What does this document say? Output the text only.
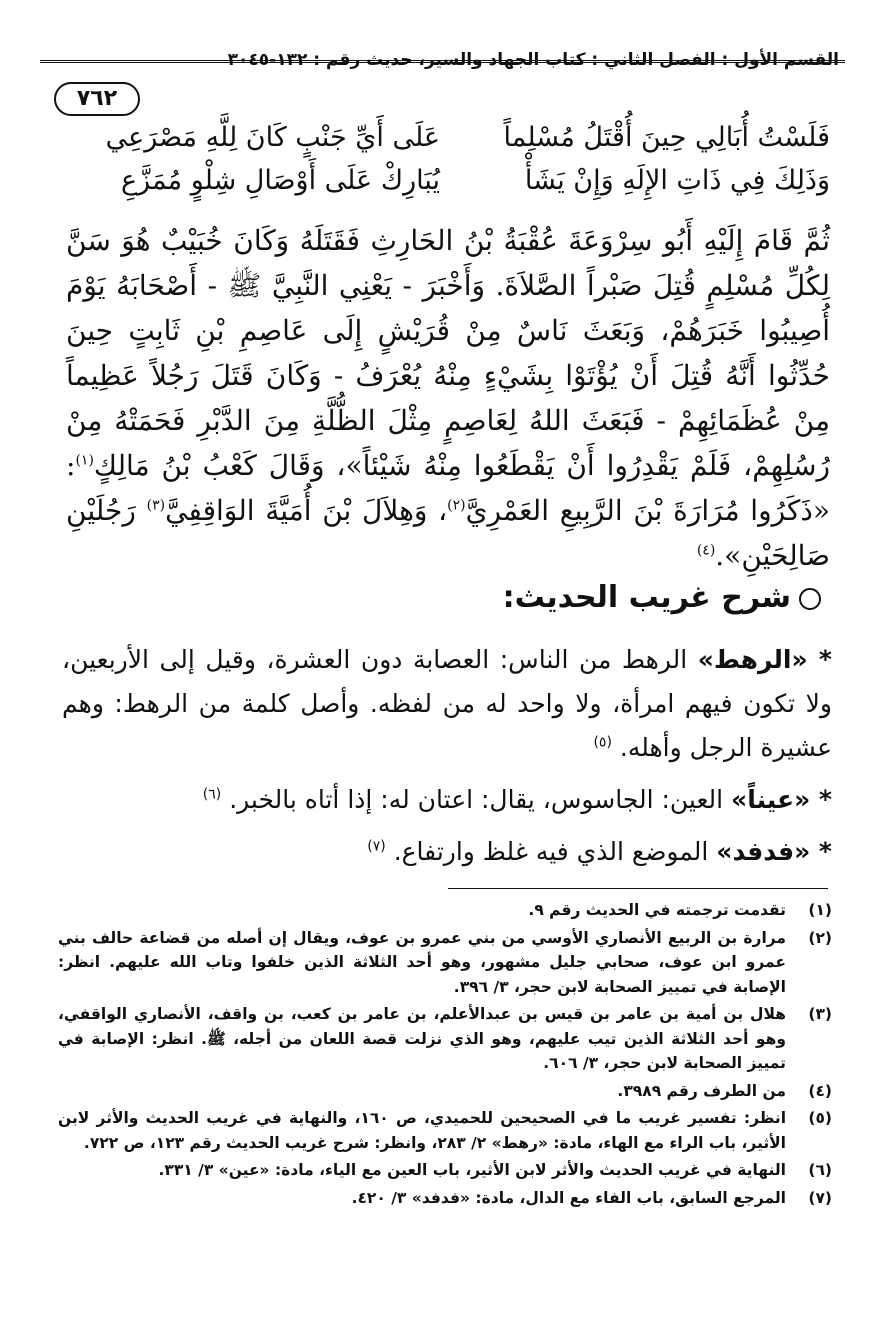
القسم الأول : الفصل الثاني : كتاب الجهاد والسير، حديث رقم : ١٣٢-٣٠٤٥
٧٦٢
فَلَسْتُ أُبَالِي حِينَ أُقْتَلُ مُسْلِماً
عَلَى أَيِّ جَنْبٍ كَانَ لِلَّهِ مَصْرَعِي
وَذَلِكَ فِي ذَاتِ الإِلَهِ وَإِنْ يَشَأْ
يُبَارِكْ عَلَى أَوْصَالِ شِلْوٍ مُمَزَّعِ
ثُمَّ قَامَ إِلَيْهِ أَبُو سِرْوَعَةَ عُقْبَةُ بْنُ الحَارِثِ فَقَتَلَهُ وَكَانَ خُبَيْبٌ هُوَ سَنَّ لِكُلِّ مُسْلِمٍ قُتِلَ صَبْراً الصَّلاَةَ. وَأَخْبَرَ - يَعْنِي النَّبِيَّ ﷺ - أَصْحَابَهُ يَوْمَ أُصِيبُوا خَبَرَهُمْ، وَبَعَثَ نَاسٌ مِنْ قُرَيْشٍ إِلَى عَاصِمِ بْنِ ثَابِتٍ حِينَ حُدِّثُوا أَنَّهُ قُتِلَ أَنْ يُؤْتَوْا بِشَيْءٍ مِنْهُ يُعْرَفُ - وَكَانَ قَتَلَ رَجُلاً عَظِيماً مِنْ عُظَمَائِهِمْ - فَبَعَثَ اللهُ لِعَاصِمٍ مِثْلَ الظُّلَّةِ مِنَ الدَّبْرِ فَحَمَتْهُ مِنْ رُسُلِهِمْ، فَلَمْ يَقْدِرُوا أَنْ يَقْطَعُوا مِنْهُ شَيْئاً»، وَقَالَ كَعْبُ بْنُ مَالِكٍ$^{(١)}$: «ذَكَرُوا مُرَارَةَ بْنَ الرَّبِيعِ العَمْرِيَّ$^{(٢)}$، وَهِلاَلَ بْنَ أُمَيَّةَ الوَاقِفِيَّ$^{(٣)}$ رَجُلَيْنِ صَالِحَيْنِ».$^{(٤)}$
شرح غريب الحديث:
* «الرهط» الرهط من الناس: العصابة دون العشرة، وقيل إلى الأربعين، ولا تكون فيهم امرأة، ولا واحد له من لفظه. وأصل كلمة من الرهط: وهم عشيرة الرجل وأهله. $^{(٥)}$
* «عيناً» العين: الجاسوس، يقال: اعتان له: إذا أتاه بالخبر. $^{(٦)}$
* «فدفد» الموضع الذي فيه غلظ وارتفاع. $^{(٧)}$
(١)
تقدمت ترجمته في الحديث رقم ٩.
(٢)
مرارة بن الربيع الأنصاري الأوسي من بني عمرو بن عوف، ويقال إن أصله من قضاعة حالف بني عمرو ابن عوف، صحابي جليل مشهور، وهو أحد الثلاثة الذين خلفوا وتاب الله عليهم. انظر: الإصابة في تمييز الصحابة لابن حجر، ٣/ ٣٩٦.
(٣)
هلال بن أمية بن عامر بن قيس بن عبدالأعلم، بن عامر بن كعب، بن واقف، الأنصاري الواقفي، وهو أحد الثلاثة الذين تيب عليهم، وهو الذي نزلت قصة اللعان من أجله، ﷺ. انظر: الإصابة في تمييز الصحابة لابن حجر، ٣/ ٦٠٦.
(٤)
من الطرف رقم ٣٩٨٩.
(٥)
انظر: تفسير غريب ما في الصحيحين للحميدي، ص ١٦٠، والنهاية في غريب الحديث والأثر لابن الأثير، باب الراء مع الهاء، مادة: «رهط» ٢/ ٢٨٣، وانظر: شرح غريب الحديث رقم ١٢٣، ص ٧٢٢.
(٦)
النهاية في غريب الحديث والأثر لابن الأثير، باب العين مع الياء، مادة: «عين» ٣/ ٣٣١.
(٧)
المرجع السابق، باب الفاء مع الدال، مادة: «فدفد» ٣/ ٤٢٠.
